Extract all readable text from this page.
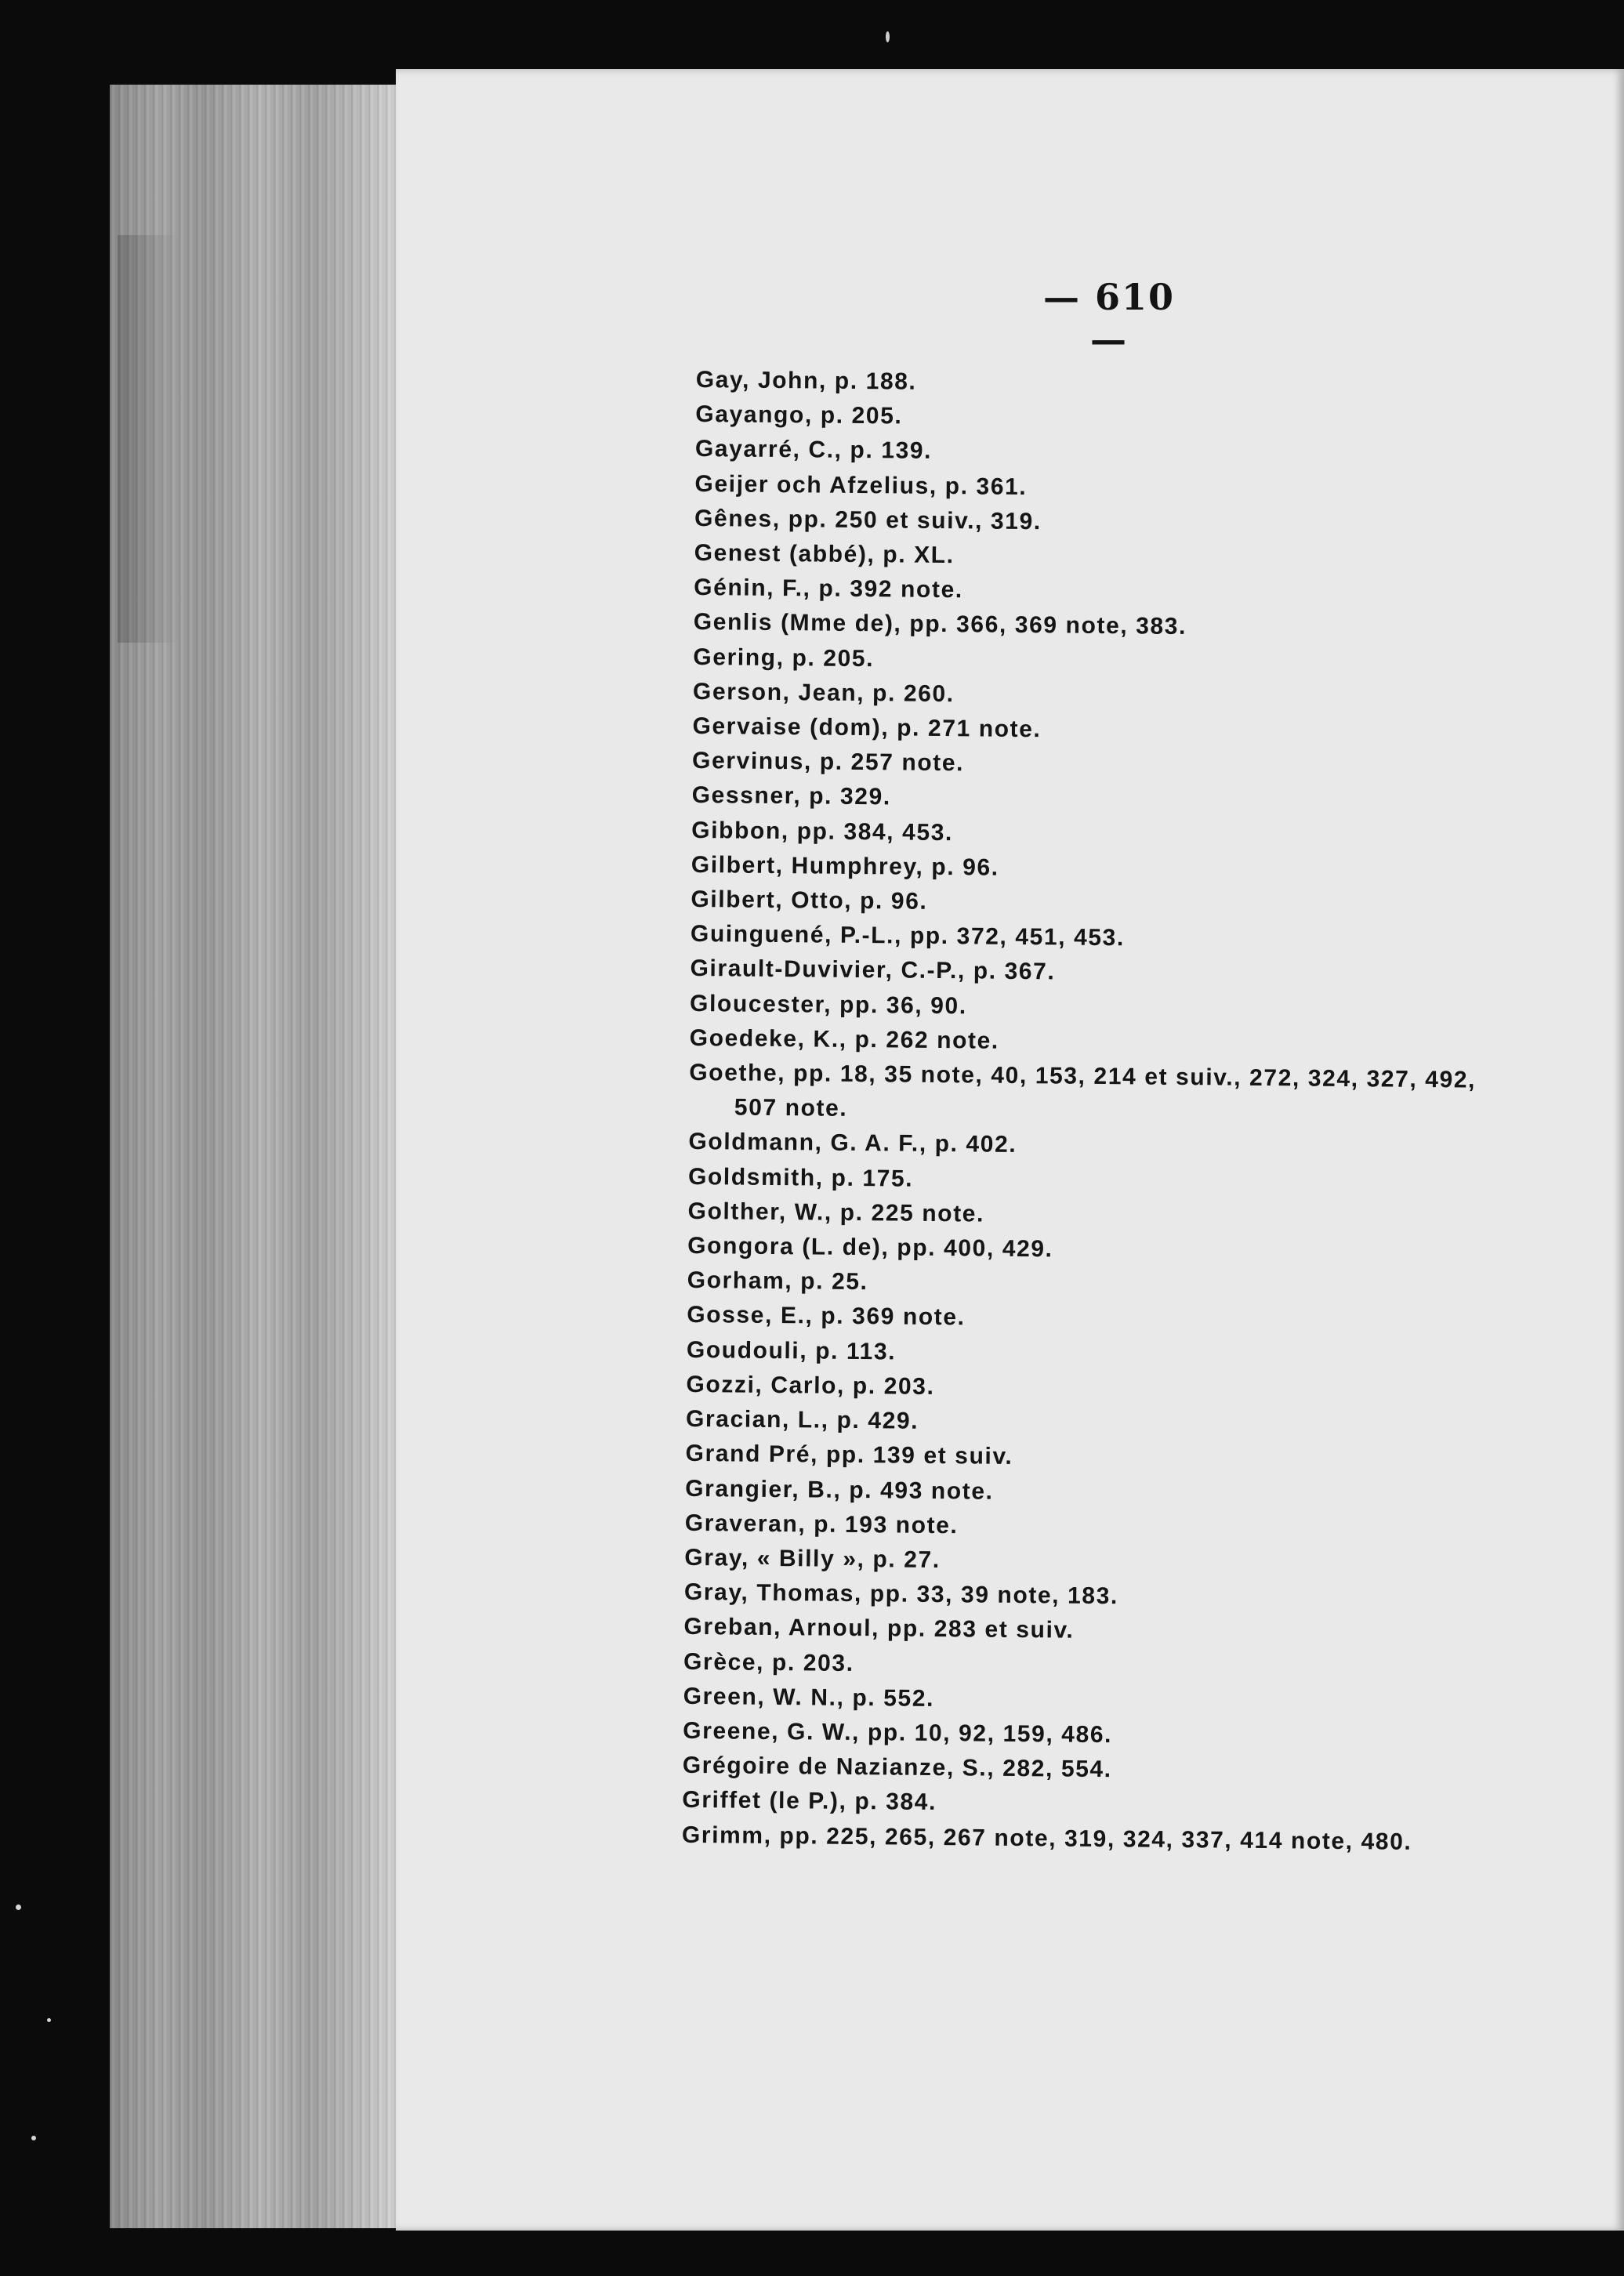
— 610 —
Gay, John, p. 188.
Gayango, p. 205.
Gayarré, C., p. 139.
Geijer och Afzelius, p. 361.
Gênes, pp. 250 et suiv., 319.
Genest (abbé), p. XL.
Génin, F., p. 392 note.
Genlis (Mme de), pp. 366, 369 note, 383.
Gering, p. 205.
Gerson, Jean, p. 260.
Gervaise (dom), p. 271 note.
Gervinus, p. 257 note.
Gessner, p. 329.
Gibbon, pp. 384, 453.
Gilbert, Humphrey, p. 96.
Gilbert, Otto, p. 96.
Guinguené, P.-L., pp. 372, 451, 453.
Girault-Duvivier, C.-P., p. 367.
Gloucester, pp. 36, 90.
Goedeke, K., p. 262 note.
Goethe, pp. 18, 35 note, 40, 153, 214 et suiv., 272, 324, 327, 492,
507 note.
Goldmann, G. A. F., p. 402.
Goldsmith, p. 175.
Golther, W., p. 225 note.
Gongora (L. de), pp. 400, 429.
Gorham, p. 25.
Gosse, E., p. 369 note.
Goudouli, p. 113.
Gozzi, Carlo, p. 203.
Gracian, L., p. 429.
Grand Pré, pp. 139 et suiv.
Grangier, B., p. 493 note.
Graveran, p. 193 note.
Gray, « Billy », p. 27.
Gray, Thomas, pp. 33, 39 note, 183.
Greban, Arnoul, pp. 283 et suiv.
Grèce, p. 203.
Green, W. N., p. 552.
Greene, G. W., pp. 10, 92, 159, 486.
Grégoire de Nazianze, S., 282, 554.
Griffet (le P.), p. 384.
Grimm, pp. 225, 265, 267 note, 319, 324, 337, 414 note, 480.
